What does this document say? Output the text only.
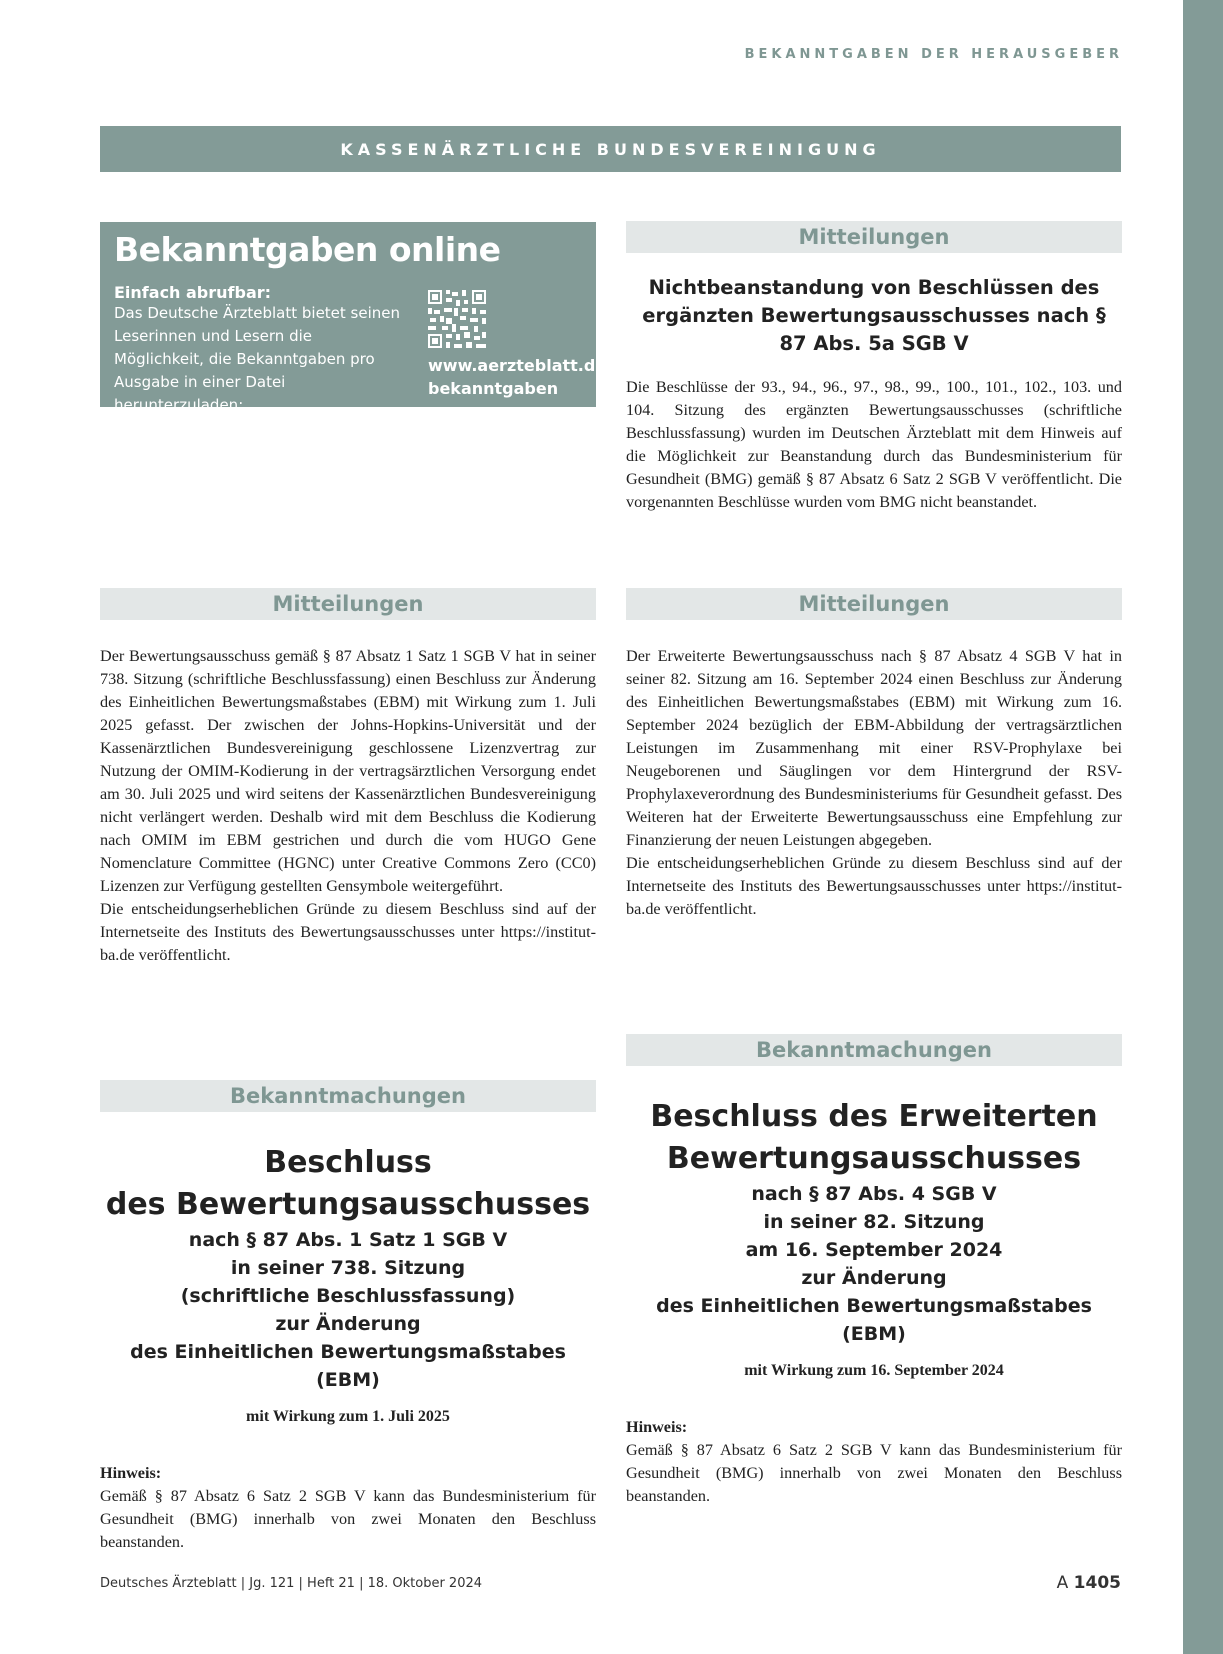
BEKANNTGABEN DER HERAUSGEBER
KASSENÄRZTLICHE BUNDESVEREINIGUNG
Bekanntgaben online

Einfach abrufbar:

Das Deutsche Ärzteblatt bietet seinen Leserinnen und Lesern die Möglichkeit, die Bekanntgaben pro Ausgabe in einer Datei herunterzuladen:

www.aerzteblatt.de/
bekanntgaben
Mitteilungen

Nichtbeanstandung von Beschlüssen des ergänzten Bewertungsausschusses nach § 87 Abs. 5a SGB V

Die Beschlüsse der 93., 94., 96., 97., 98., 99., 100., 101., 102., 103. und 104. Sitzung des ergänzten Bewertungsausschusses (schriftliche Beschlussfassung) wurden im Deutschen Ärzteblatt mit dem Hinweis auf die Möglichkeit zur Beanstandung durch das Bundesministerium für Gesundheit (BMG) gemäß § 87 Absatz 6 Satz 2 SGB V veröffentlicht. Die vorgenannten Beschlüsse wurden vom BMG nicht beanstandet.

Mitteilungen

Der Bewertungsausschuss gemäß § 87 Absatz 1 Satz 1 SGB V hat in seiner 738. Sitzung (schriftliche Beschlussfassung) einen Beschluss zur Änderung des Einheitlichen Bewertungsmaßstabes (EBM) mit Wirkung zum 1. Juli 2025 gefasst. Der zwischen der Johns-Hopkins-Universität und der Kassenärztlichen Bundesvereinigung geschlossene Lizenzvertrag zur Nutzung der OMIM-Kodierung in der vertragsärztlichen Versorgung endet am 30. Juli 2025 und wird seitens der Kassenärztlichen Bundesvereinigung nicht verlängert werden. Deshalb wird mit dem Beschluss die Kodierung nach OMIM im EBM gestrichen und durch die vom HUGO Gene Nomenclature Committee (HGNC) unter Creative Commons Zero (CC0) Lizenzen zur Verfügung gestellten Gensymbole weitergeführt.

Die entscheidungserheblichen Gründe zu diesem Beschluss sind auf der Internetseite des Instituts des Bewertungsausschusses unter https://institut-ba.de veröffentlicht.

Mitteilungen

Der Erweiterte Bewertungsausschuss nach § 87 Absatz 4 SGB V hat in seiner 82. Sitzung am 16. September 2024 einen Beschluss zur Änderung des Einheitlichen Bewertungsmaßstabes (EBM) mit Wirkung zum 16. September 2024 bezüglich der EBM-Abbildung der vertragsärztlichen Leistungen im Zusammenhang mit einer RSV-Prophylaxe bei Neugeborenen und Säuglingen vor dem Hintergrund der RSV-Prophylaxeverordnung des Bundesministeriums für Gesundheit gefasst. Des Weiteren hat der Erweiterte Bewertungsausschuss eine Empfehlung zur Finanzierung der neuen Leistungen abgegeben.

Die entscheidungserheblichen Gründe zu diesem Beschluss sind auf der Internetseite des Instituts des Bewertungsausschusses unter https://institut-ba.de veröffentlicht.

Bekanntmachungen

Beschluss

des Bewertungsausschusses

nach § 87 Abs. 1 Satz 1 SGB V

in seiner 738. Sitzung

(schriftliche Beschlussfassung)

zur Änderung

des Einheitlichen Bewertungsmaßstabes (EBM)

mit Wirkung zum 1. Juli 2025

Hinweis:

Gemäß § 87 Absatz 6 Satz 2 SGB V kann das Bundesministerium für Gesundheit (BMG) innerhalb von zwei Monaten den Beschluss beanstanden.

Bekanntmachungen

Beschluss des Erweiterten

Bewertungsausschusses

nach § 87 Abs. 4 SGB V

in seiner 82. Sitzung

am 16. September 2024

zur Änderung

des Einheitlichen Bewertungsmaßstabes (EBM)

mit Wirkung zum 16. September 2024

Hinweis:

Gemäß § 87 Absatz 6 Satz 2 SGB V kann das Bundesministerium für Gesundheit (BMG) innerhalb von zwei Monaten den Beschluss beanstanden.

Deutsches Ärzteblatt | Jg. 121 | Heft 21 | 18. Oktober 2024	A 1405
